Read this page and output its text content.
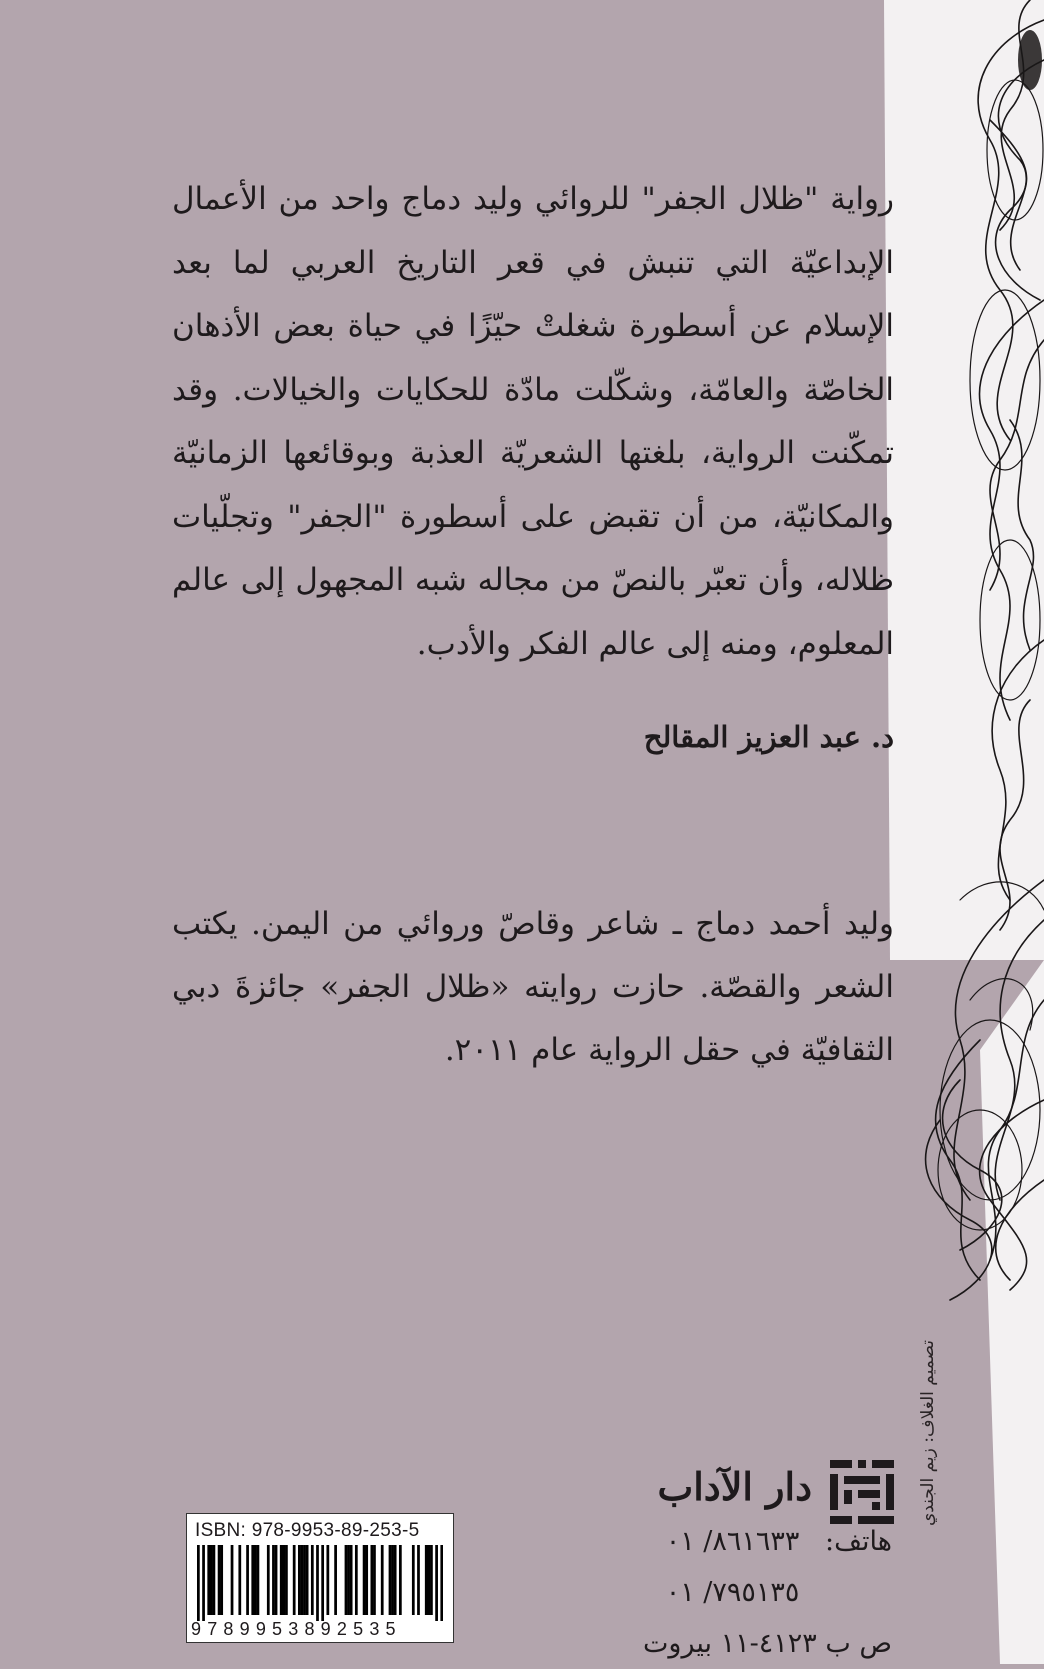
رواية "ظلال الجفر" للروائي وليد دماج واحد من الأعمال الإبداعيّة التي تنبش في قعر التاريخ العربي لما بعد الإسلام عن أسطورة شغلتْ حيّزًا في حياة بعض الأذهان الخاصّة والعامّة، وشكّلت مادّة للحكايات والخيالات. وقد تمكّنت الرواية، بلغتها الشعريّة العذبة وبوقائعها الزمانيّة والمكانيّة، من أن تقبض على أسطورة "الجفر" وتجلّيات ظلاله، وأن تعبّر بالنصّ من مجاله شبه المجهول إلى عالم المعلوم، ومنه إلى عالم الفكر والأدب.
د. عبد العزيز المقالح
وليد أحمد دماج ـ شاعر وقاصّ وروائي من اليمن. يكتب الشعر والقصّة. حازت روايته «ظلال الجفر» جائزةَ دبي الثقافيّة في حقل الرواية عام ٢٠١١.
تصميم الغلاف: زيم الجندي
دار الآداب
هاتف: ٨٦١٦٣٣/ ٠١
٧٩٥١٣٥/ ٠١
ص ب ٤١٢٣-١١ بيروت
ISBN: 978-9953-89-253-5
9789953892535
